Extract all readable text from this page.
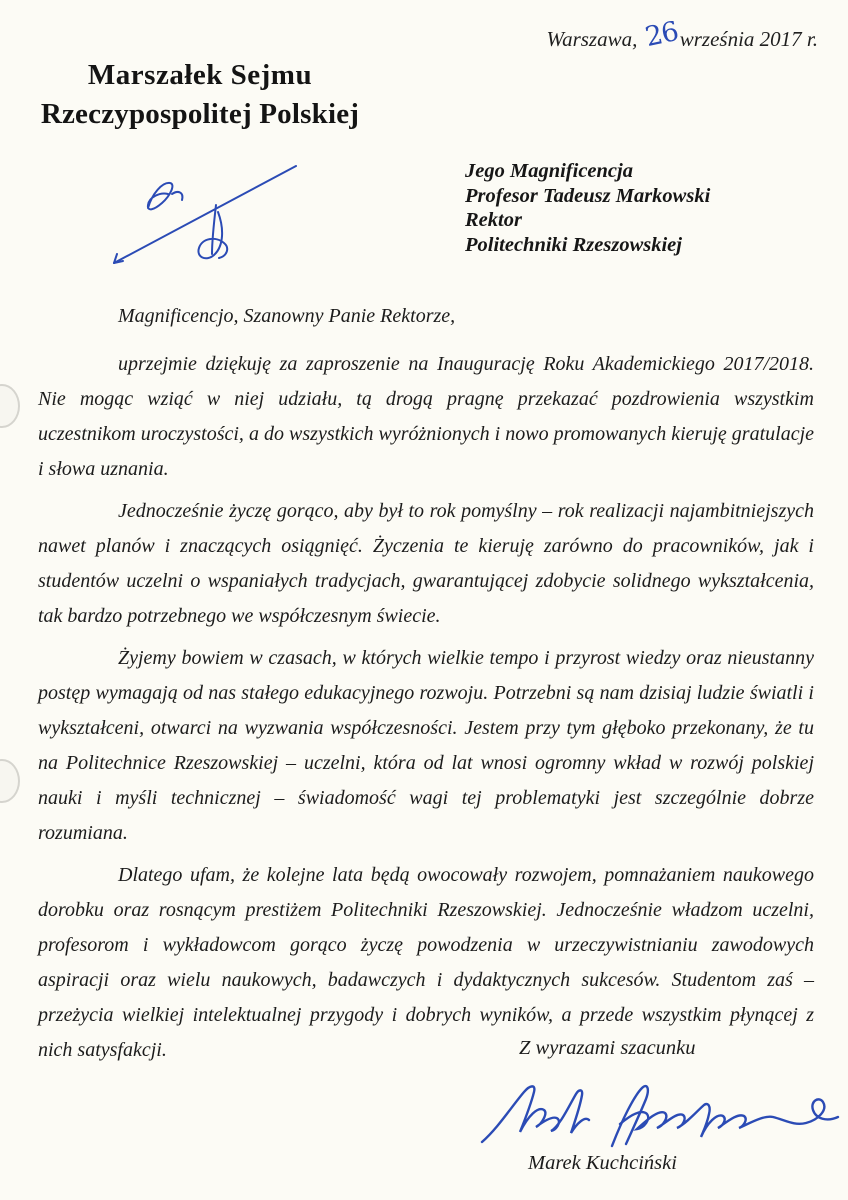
Warszawa, 26września 2017 r.
Marszałek Sejmu
Rzeczypospolitej Polskiej
Jego Magnificencja
Profesor Tadeusz Markowski
Rektor
Politechniki Rzeszowskiej
Magnificencjo, Szanowny Panie Rektorze,

uprzejmie dziękuję za zaproszenie na Inaugurację Roku Akademickiego 2017/2018. Nie mogąc wziąć w niej udziału, tą drogą pragnę przekazać pozdrowienia wszystkim uczestnikom uroczystości, a do wszystkich wyróżnionych i nowo promowanych kieruję gratulacje i słowa uznania.

Jednocześnie życzę gorąco, aby był to rok pomyślny – rok realizacji najambitniejszych nawet planów i znaczących osiągnięć. Życzenia te kieruję zarówno do pracowników, jak i studentów uczelni o wspaniałych tradycjach, gwarantującej zdobycie solidnego wykształcenia, tak bardzo potrzebnego we współczesnym świecie.

Żyjemy bowiem w czasach, w których wielkie tempo i przyrost wiedzy oraz nieustanny postęp wymagają od nas stałego edukacyjnego rozwoju. Potrzebni są nam dzisiaj ludzie światli i wykształceni, otwarci na wyzwania współczesności. Jestem przy tym głęboko przekonany, że tu na Politechnice Rzeszowskiej – uczelni, która od lat wnosi ogromny wkład w rozwój polskiej nauki i myśli technicznej – świadomość wagi tej problematyki jest szczególnie dobrze rozumiana.

Dlatego ufam, że kolejne lata będą owocowały rozwojem, pomnażaniem naukowego dorobku oraz rosnącym prestiżem Politechniki Rzeszowskiej. Jednocześnie władzom uczelni, profesorom i wykładowcom gorąco życzę powodzenia w urzeczywistnianiu zawodowych aspiracji oraz wielu naukowych, badawczych i dydaktycznych sukcesów. Studentom zaś – przeżycia wielkiej intelektualnej przygody i dobrych wyników, a przede wszystkim płynącej z nich satysfakcji.	Z wyrazami szacunku
Marek Kuchciński
